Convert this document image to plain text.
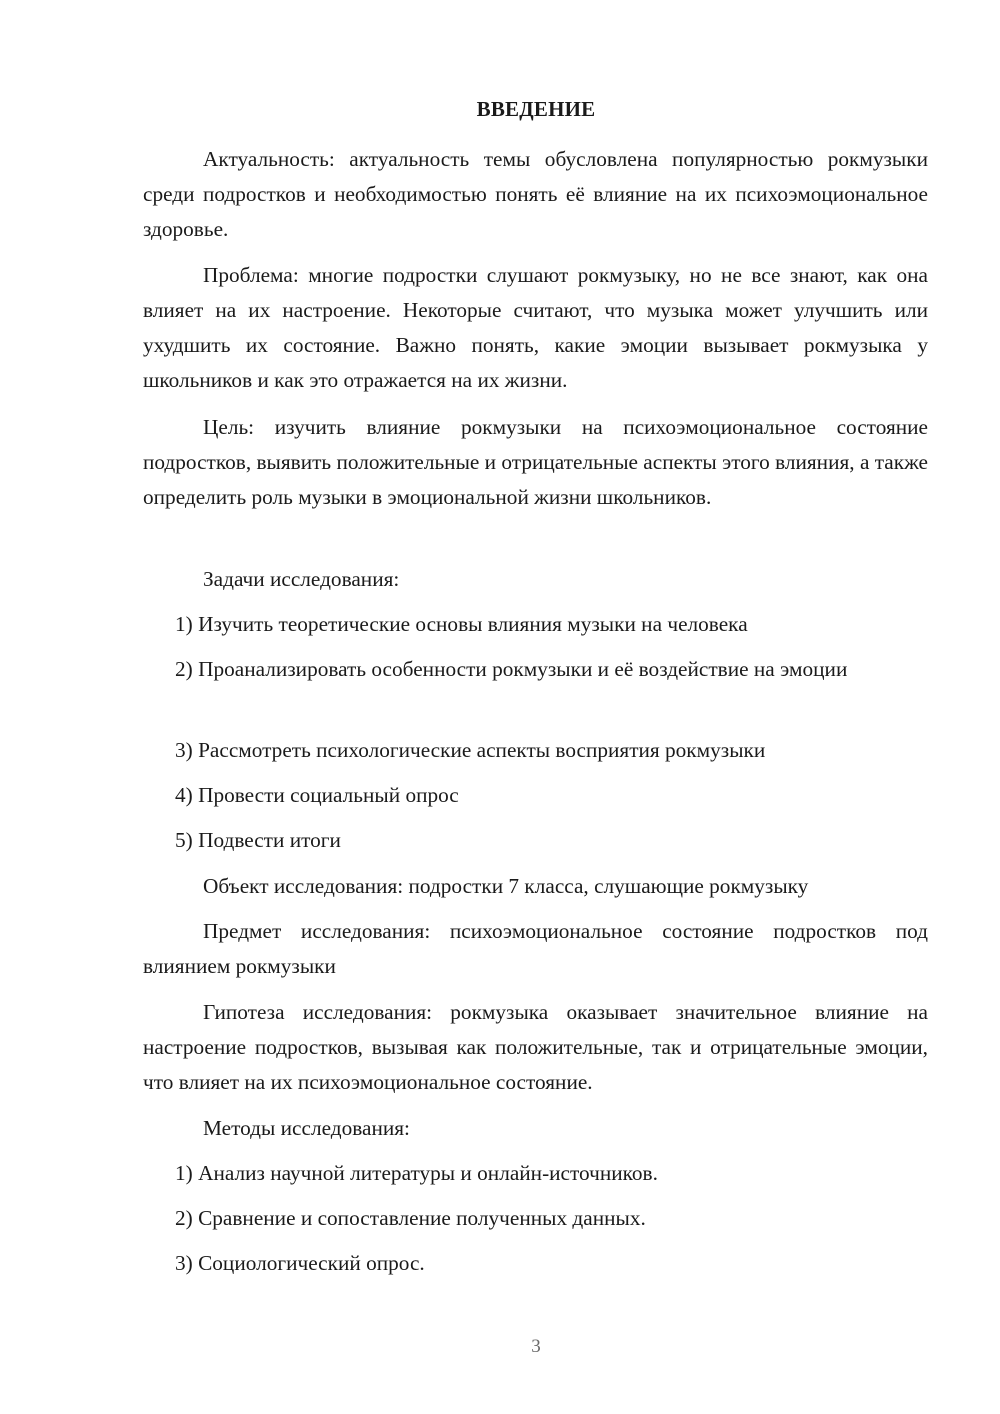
ВВЕДЕНИЕ
Актуальность: актуальность темы обусловлена популярностью рокмузыки среди подростков и необходимостью понять её влияние на их психоэмоциональное здоровье.
Проблема: многие подростки слушают рокмузыку, но не все знают, как она влияет на их настроение. Некоторые считают, что музыка может улучшить или ухудшить их состояние. Важно понять, какие эмоции вызывает рокмузыка у школьников и как это отражается на их жизни.
Цель: изучить влияние рокмузыки на психоэмоциональное состояние подростков, выявить положительные и отрицательные аспекты этого влияния, а также определить роль музыки в эмоциональной жизни школьников.
Задачи исследования:
1) Изучить теоретические основы влияния музыки на человека
2) Проанализировать особенности рокмузыки и её воздействие на эмоции
3) Рассмотреть психологические аспекты восприятия рокмузыки
4) Провести социальный опрос
5) Подвести итоги
Объект исследования: подростки 7 класса, слушающие рокмузыку
Предмет исследования: психоэмоциональное состояние подростков под влиянием рокмузыки
Гипотеза исследования: рокмузыка оказывает значительное влияние на настроение подростков, вызывая как положительные, так и отрицательные эмоции, что влияет на их психоэмоциональное состояние.
Методы исследования:
1) Анализ научной литературы и онлайн-источников.
2) Сравнение и сопоставление полученных данных.
3) Социологический опрос.
3
